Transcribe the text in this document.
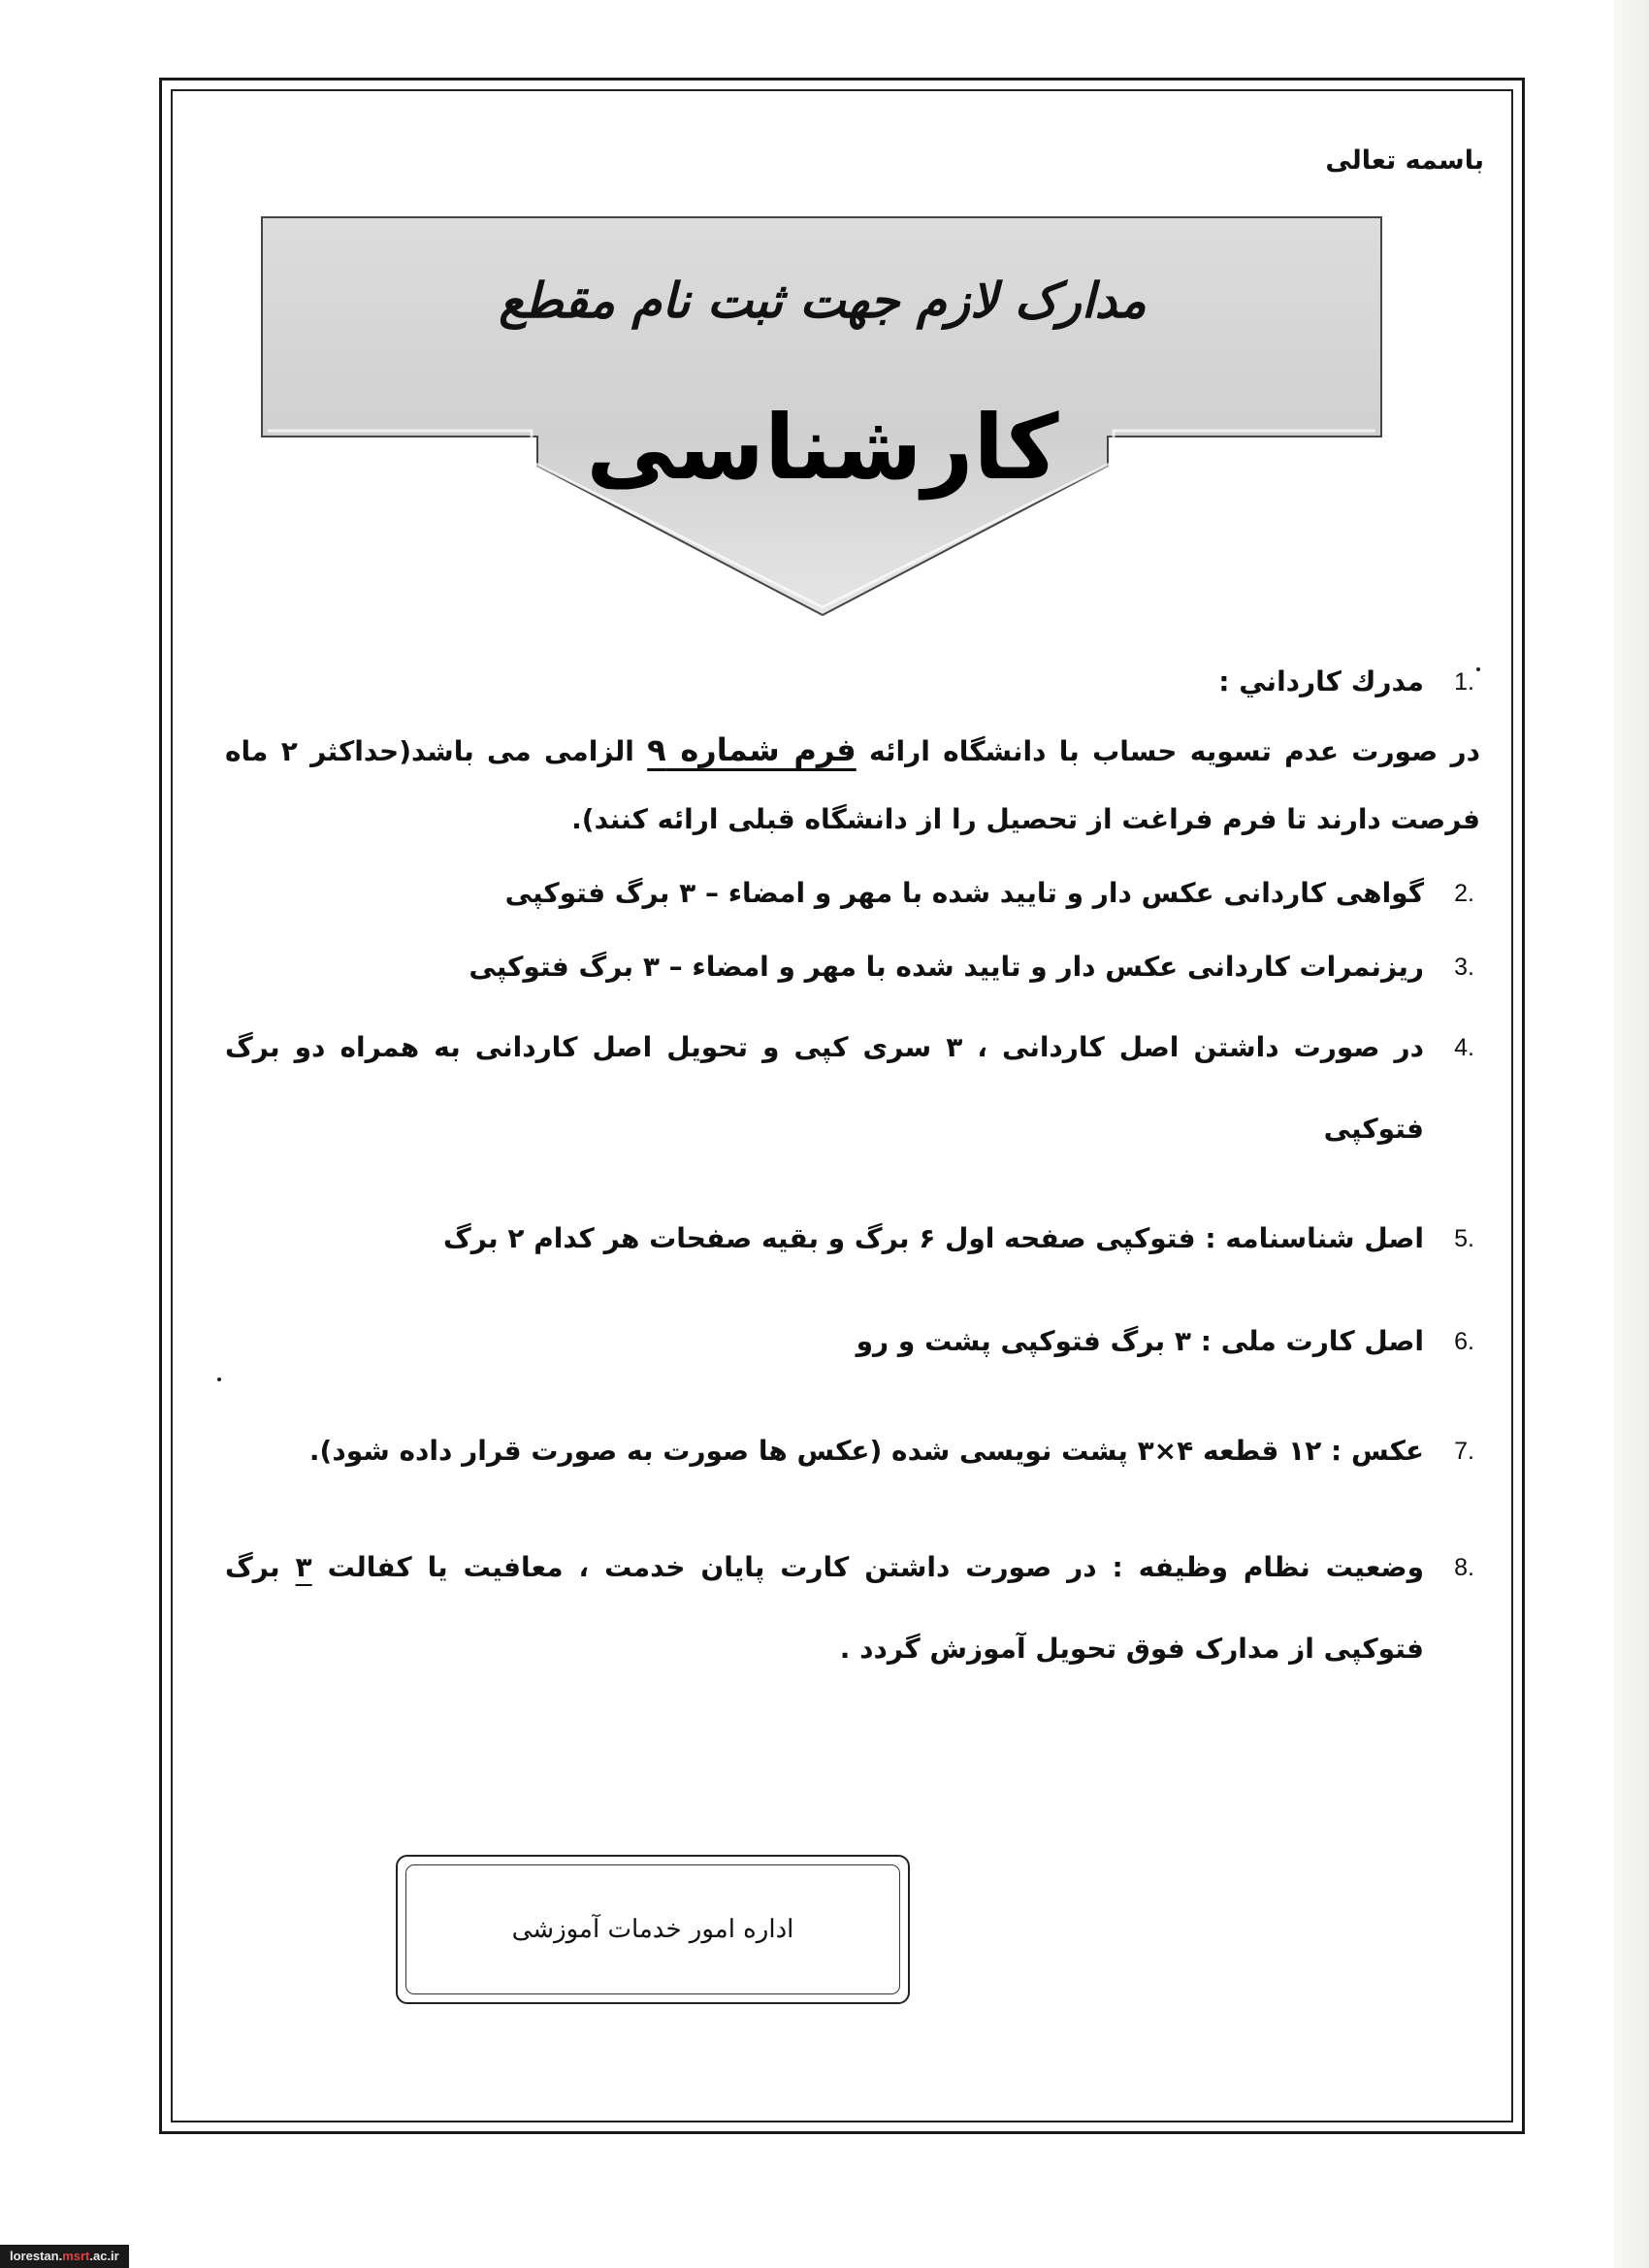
باسمه تعالی
مدارک لازم جهت ثبت نام مقطع
کارشناسی
1.
مدرك كارداني :
در صورت عدم تسویه حساب با دانشگاه ارائه فرم شماره ۹ الزامی می باشد(حداکثر ۲ ماه فرصت دارند تا فرم فراغت از تحصیل را از دانشگاه قبلی ارائه کنند).
2.
گواهی کاردانی عکس دار و تایید شده با مهر و امضاء – ۳ برگ فتوکپی
3.
ریزنمرات کاردانی عکس دار و تایید شده با مهر و امضاء – ۳ برگ فتوکپی
4.
در صورت داشتن اصل کاردانی ، ۳ سری کپی و تحویل اصل کاردانی به همراه دو برگ فتوکپی
5.
اصل شناسنامه : فتوکپی صفحه اول ۶ برگ و بقیه صفحات هر کدام ۲ برگ
6.
اصل کارت ملی : ۳ برگ فتوکپی پشت و رو
7.
عکس : ۱۲ قطعه ۴×۳ پشت نویسی شده (عکس ها صورت به صورت قرار داده شود).
8.
وضعیت نظام وظیفه : در صورت داشتن کارت پایان خدمت ، معافیت یا کفالت ۳ برگ فتوکپی از مدارک فوق تحویل آموزش گردد .
اداره امور خدمات آموزشی
lorestan.msrt.ac.ir
